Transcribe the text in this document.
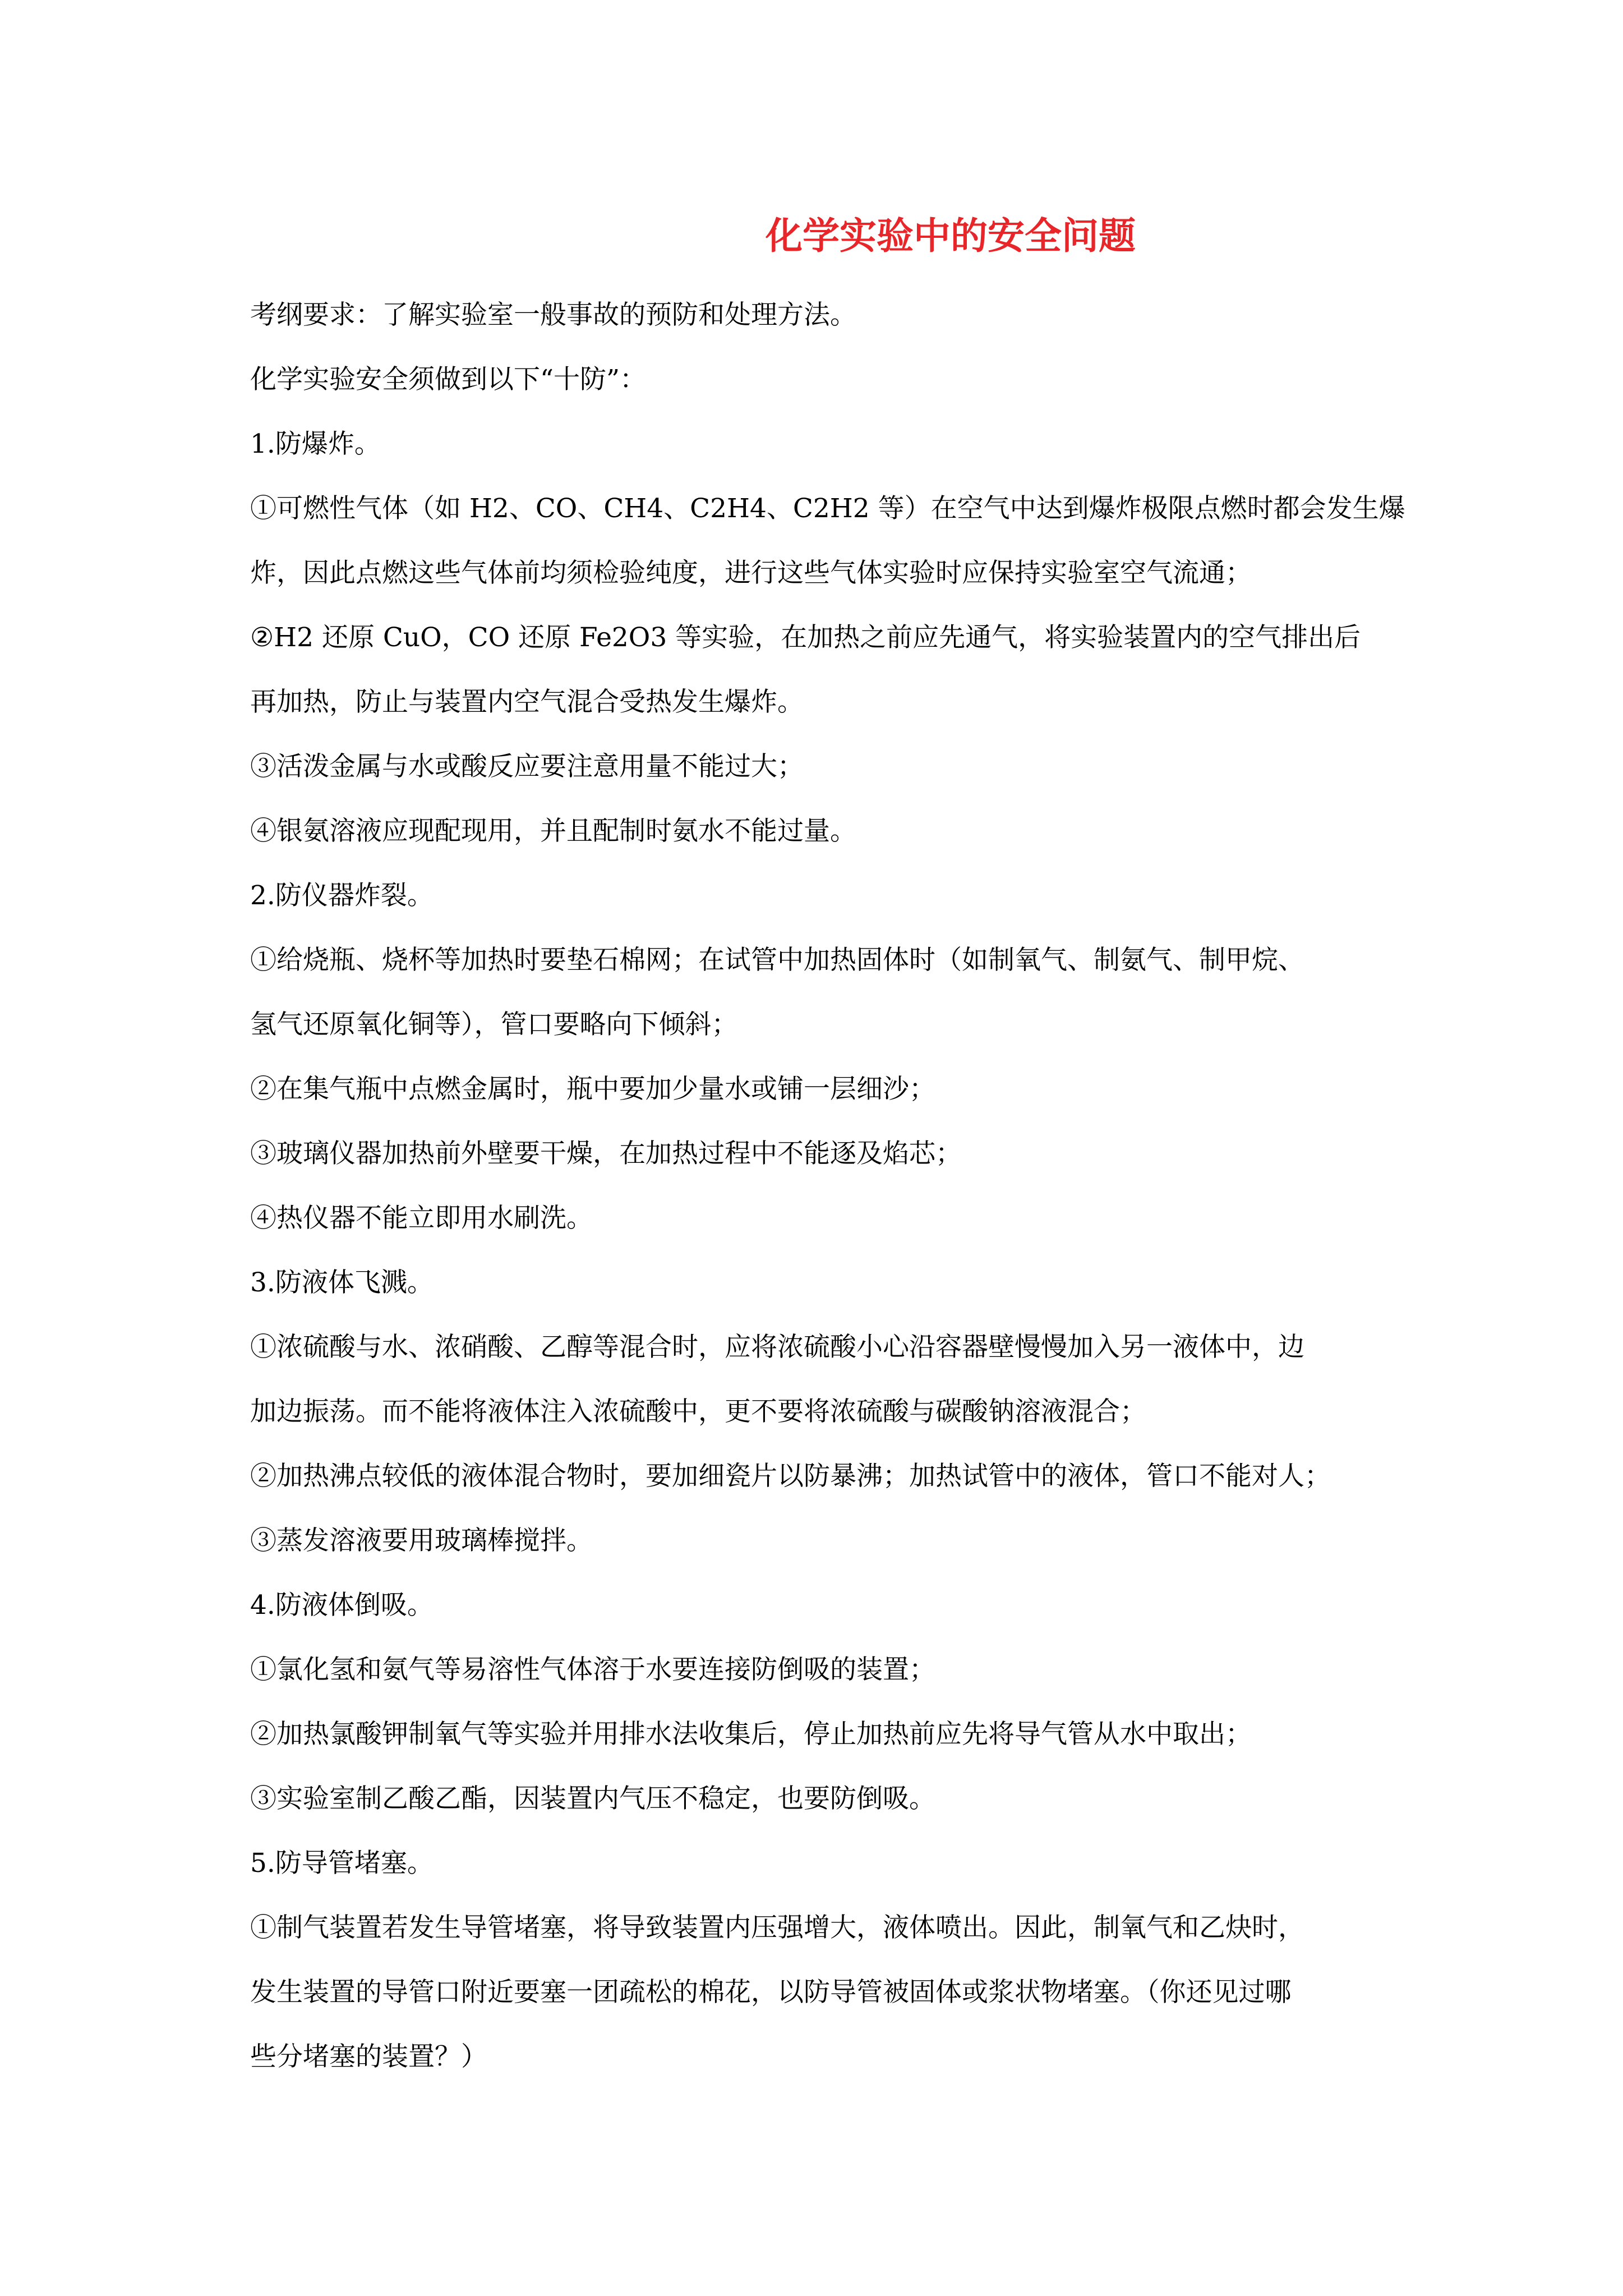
化学实验中的安全问题
考纲要求：了解实验室一般事故的预防和处理方法。
化学实验安全须做到以下“十防”：
1.防爆炸。
①可燃性气体（如 H2、CO、CH4、C2H4、C2H2 等）在空气中达到爆炸极限点燃时都会发生爆
炸，因此点燃这些气体前均须检验纯度，进行这些气体实验时应保持实验室空气流通；
②H2 还原 CuO，CO 还原 Fe2O3 等实验，在加热之前应先通气，将实验装置内的空气排出后
再加热，防止与装置内空气混合受热发生爆炸。
③活泼金属与水或酸反应要注意用量不能过大；
④银氨溶液应现配现用，并且配制时氨水不能过量。
2.防仪器炸裂。
①给烧瓶、烧杯等加热时要垫石棉网；在试管中加热固体时（如制氧气、制氨气、制甲烷、
氢气还原氧化铜等），管口要略向下倾斜；
②在集气瓶中点燃金属时，瓶中要加少量水或铺一层细沙；
③玻璃仪器加热前外壁要干燥，在加热过程中不能逐及焰芯；
④热仪器不能立即用水刷洗。
3.防液体飞溅。
①浓硫酸与水、浓硝酸、乙醇等混合时，应将浓硫酸小心沿容器壁慢慢加入另一液体中，边
加边振荡。而不能将液体注入浓硫酸中，更不要将浓硫酸与碳酸钠溶液混合；
②加热沸点较低的液体混合物时，要加细瓷片以防暴沸；加热试管中的液体，管口不能对人；
③蒸发溶液要用玻璃棒搅拌。
4.防液体倒吸。
①氯化氢和氨气等易溶性气体溶于水要连接防倒吸的装置；
②加热氯酸钾制氧气等实验并用排水法收集后，停止加热前应先将导气管从水中取出；
③实验室制乙酸乙酯，因装置内气压不稳定，也要防倒吸。
5.防导管堵塞。
①制气装置若发生导管堵塞，将导致装置内压强增大，液体喷出。因此，制氧气和乙炔时，
发生装置的导管口附近要塞一团疏松的棉花，以防导管被固体或浆状物堵塞。（你还见过哪
些分堵塞的装置？）
